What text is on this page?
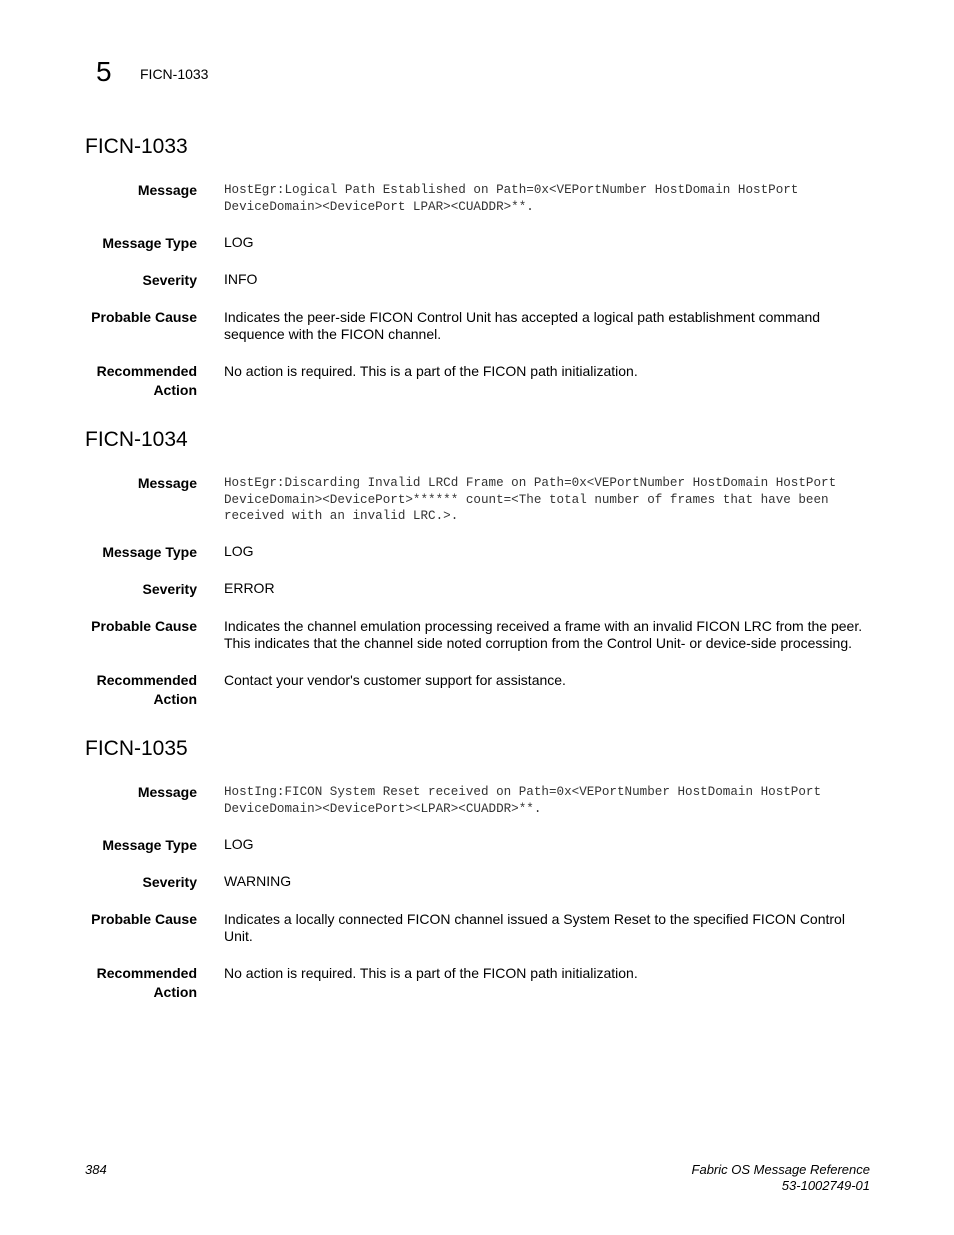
5 FICN-1033
FICN-1033
Message HostEgr:Logical Path Established on Path=0x<VEPortNumber HostDomain HostPort
DeviceDomain><DevicePort LPAR><CUADDR>**.
Message Type LOG
Severity INFO
Probable Cause Indicates the peer-side FICON Control Unit has accepted a logical path establishment command sequence with the FICON channel.
Recommended
Action
No action is required. This is a part of the FICON path initialization.
FICN-1034
Message HostEgr:Discarding Invalid LRCd Frame on Path=0x<VEPortNumber HostDomain HostPort
DeviceDomain><DevicePort>****** count=<The total number of frames that have been
received with an invalid LRC.>.
Message Type LOG
Severity ERROR
Probable Cause Indicates the channel emulation processing received a frame with an invalid FICON LRC from the peer. This indicates that the channel side noted corruption from the Control Unit- or device-side processing.
Recommended
Action
Contact your vendor's customer support for assistance.
FICN-1035
Message HostIng:FICON System Reset received on Path=0x<VEPortNumber HostDomain HostPort
DeviceDomain><DevicePort><LPAR><CUADDR>**.
Message Type LOG
Severity WARNING
Probable Cause Indicates a locally connected FICON channel issued a System Reset to the specified FICON Control Unit.
Recommended
Action
No action is required. This is a part of the FICON path initialization.
384	Fabric OS Message Reference
53-1002749-01
